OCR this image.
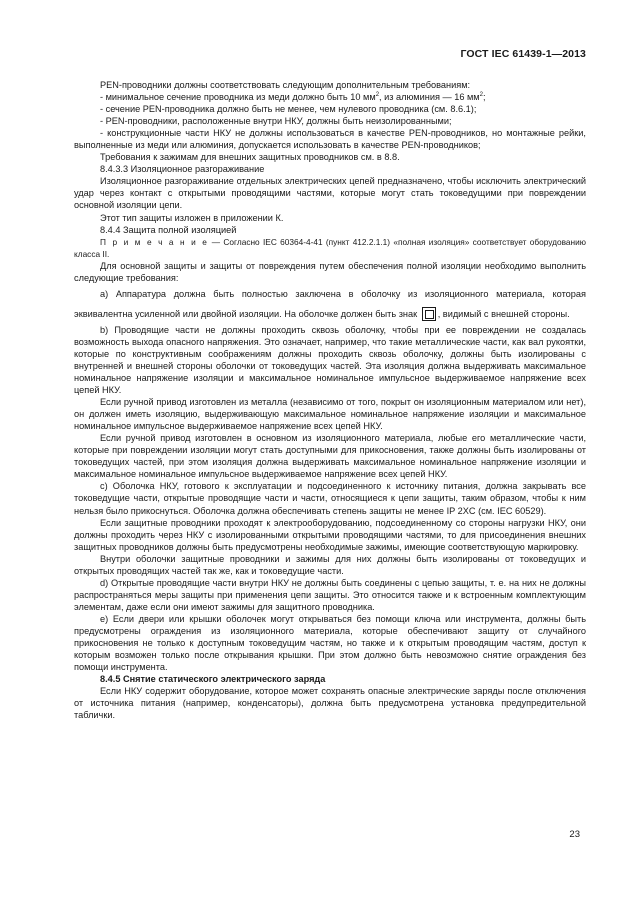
ГОСТ IEC 61439-1—2013

PEN-проводники должны соответствовать следующим дополнительным требованиям:

- минимальное сечение проводника из меди должно быть 10 $мм^2$, из алюминия — 16 $мм^2$;

- сечение PEN-проводника должно быть не менее, чем нулевого проводника (см. 8.6.1);

- PEN-проводники, расположенные внутри НКУ, должны быть неизолированными;

- конструкционные части НКУ не должны использоваться в качестве PEN-проводников, но монтажные рейки, выполненные из меди или алюминия, допускается использовать в качестве PEN-проводников;

Требования к зажимам для внешних защитных проводников см. в 8.8.

8.4.3.3 Изоляционное разгораживание

Изоляционное разгораживание отдельных электрических цепей предназначено, чтобы исключить электрический удар через контакт с открытыми проводящими частями, которые могут стать токоведущими при повреждении основной изоляции цепи.

Этот тип защиты изложен в приложении К.

8.4.4 Защита полной изоляцией

П р и м е ч а н и е — Согласно IEC 60364-4-41 (пункт 412.2.1.1) «полная изоляция» соответствует оборудованию класса II.

Для основной защиты и защиты от повреждения путем обеспечения полной изоляции необходимо выполнить следующие требования:

а) Аппаратура должна быть полностью заключена в оболочку из изоляционного материала, которая эквивалентна усиленной или двойной изоляции. На оболочке должен быть знак , видимый с внешней стороны.

b) Проводящие части не должны проходить сквозь оболочку, чтобы при ее повреждении не создалась возможность выхода опасного напряжения. Это означает, например, что такие металлические части, как вал рукоятки, которые по конструктивным соображениям должны проходить сквозь оболочку, должны быть изолированы с внутренней и внешней стороны оболочки от токоведущих частей. Эта изоляция должна выдерживать максимальное номинальное напряжение изоляции и максимальное номинальное импульсное выдерживаемое напряжение всех цепей НКУ.

Если ручной привод изготовлен из металла (независимо от того, покрыт он изоляционным материалом или нет), он должен иметь изоляцию, выдерживающую максимальное номинальное напряжение изоляции и максимальное номинальное импульсное выдерживаемое напряжение всех цепей НКУ.

Если ручной привод изготовлен в основном из изоляционного материала, любые его металлические части, которые при повреждении изоляции могут стать доступными для прикосновения, также должны быть изолированы от токоведущих частей, при этом изоляция должна выдерживать максимальное номинальное напряжение изоляции и максимальное номинальное импульсное выдерживаемое напряжение всех цепей НКУ.

с) Оболочка НКУ, готового к эксплуатации и подсоединенного к источнику питания, должна закрывать все токоведущие части, открытые проводящие части и части, относящиеся к цепи защиты, таким образом, чтобы к ним нельзя было прикоснуться. Оболочка должна обеспечивать степень защиты не менее IP 2XC (см. IEC 60529).

Если защитные проводники проходят к электрооборудованию, подсоединенному со стороны нагрузки НКУ, они должны проходить через НКУ с изолированными открытыми проводящими частями, то для присоединения внешних защитных проводников должны быть предусмотрены необходимые зажимы, имеющие соответствующую маркировку.

Внутри оболочки защитные проводники и зажимы для них должны быть изолированы от токоведущих и открытых проводящих частей так же, как и токоведущие части.

d) Открытые проводящие части внутри НКУ не должны быть соединены с цепью защиты, т. е. на них не должны распространяться меры защиты при применения цепи защиты. Это относится также и к встроенным комплектующим элементам, даже если они имеют зажимы для защитного проводника.

е) Если двери или крышки оболочек могут открываться без помощи ключа или инструмента, должны быть предусмотрены ограждения из изоляционного материала, которые обеспечивают защиту от случайного прикосновения не только к доступным токоведущим частям, но также и к открытым проводящим частям, доступ к которым возможен только после открывания крышки. При этом должно быть невозможно снятие ограждения без помощи инструмента.

8.4.5 Снятие статического электрического заряда

Если НКУ содержит оборудование, которое может сохранять опасные электрические заряды после отключения от источника питания (например, конденсаторы), должна быть предусмотрена установка предупредительной таблички.

23
